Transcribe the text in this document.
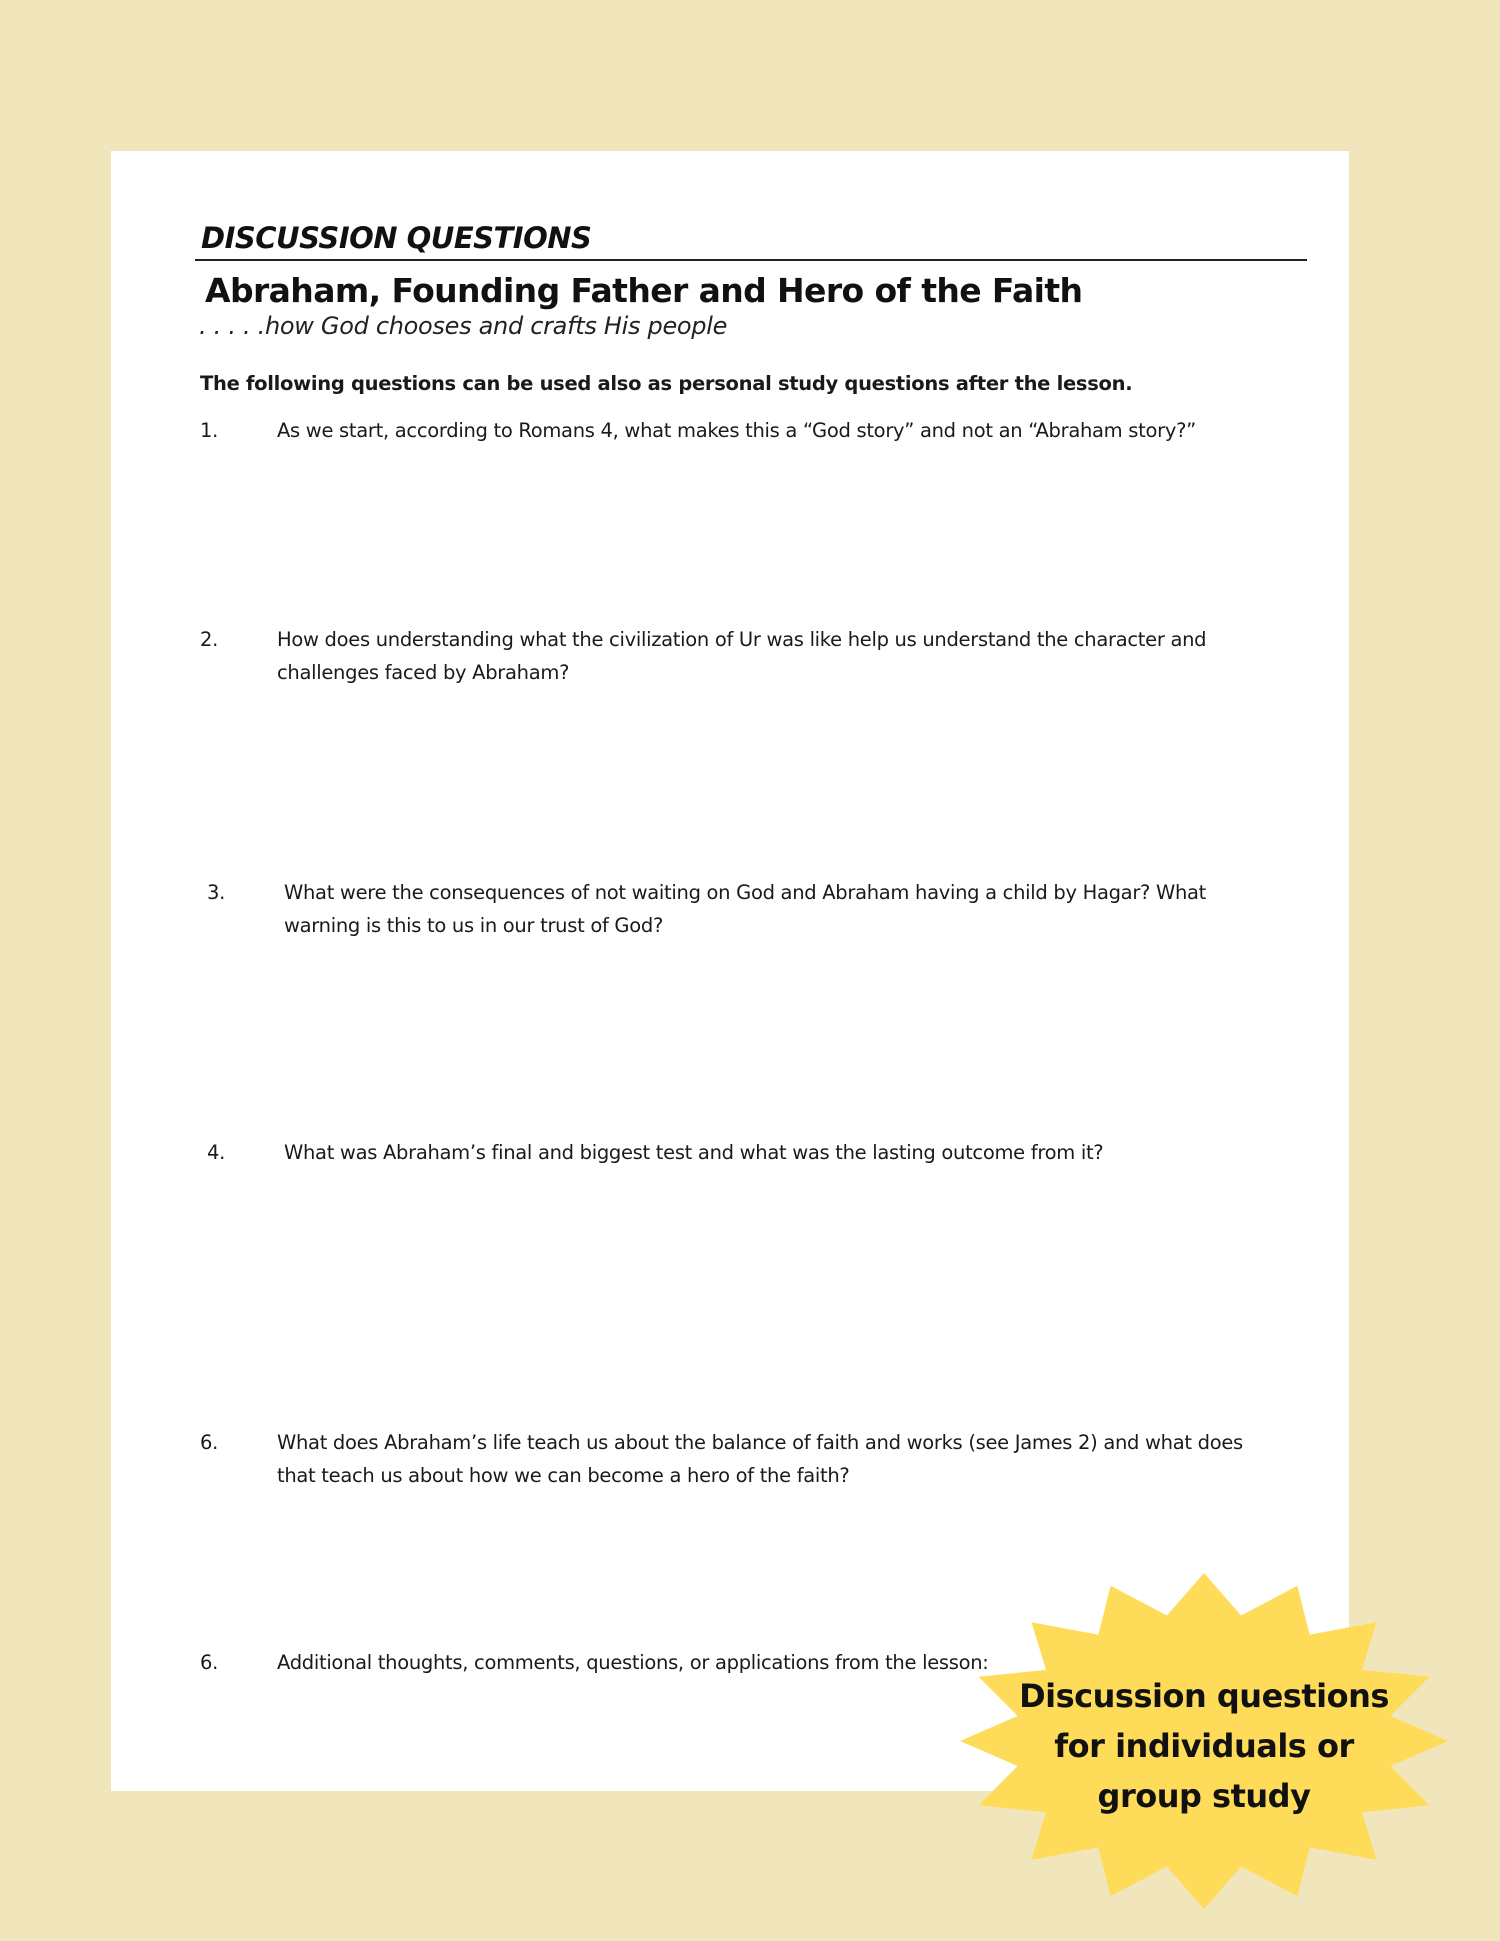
DISCUSSION QUESTIONS
Abraham, Founding Father and Hero of the Faith
. . . . .how God chooses and crafts His people
The following questions can be used also as personal study questions after the lesson.
1.	As we start, according to Romans 4, what makes this a “God story” and not an “Abraham story?”
2.	How does understanding what the civilization of Ur was like help us understand the character and challenges faced by Abraham?
3.	What were the consequences of not waiting on God and Abraham having a child by Hagar? What warning is this to us in our trust of God?
4.	What was Abraham’s final and biggest test and what was the lasting outcome from it?
6.	What does Abraham’s life teach us about the balance of faith and works (see James 2) and what does that teach us about how we can become a hero of the faith?
6.	Additional thoughts, comments, questions, or applications from the lesson:
Discussion questions
for individuals or
group study
